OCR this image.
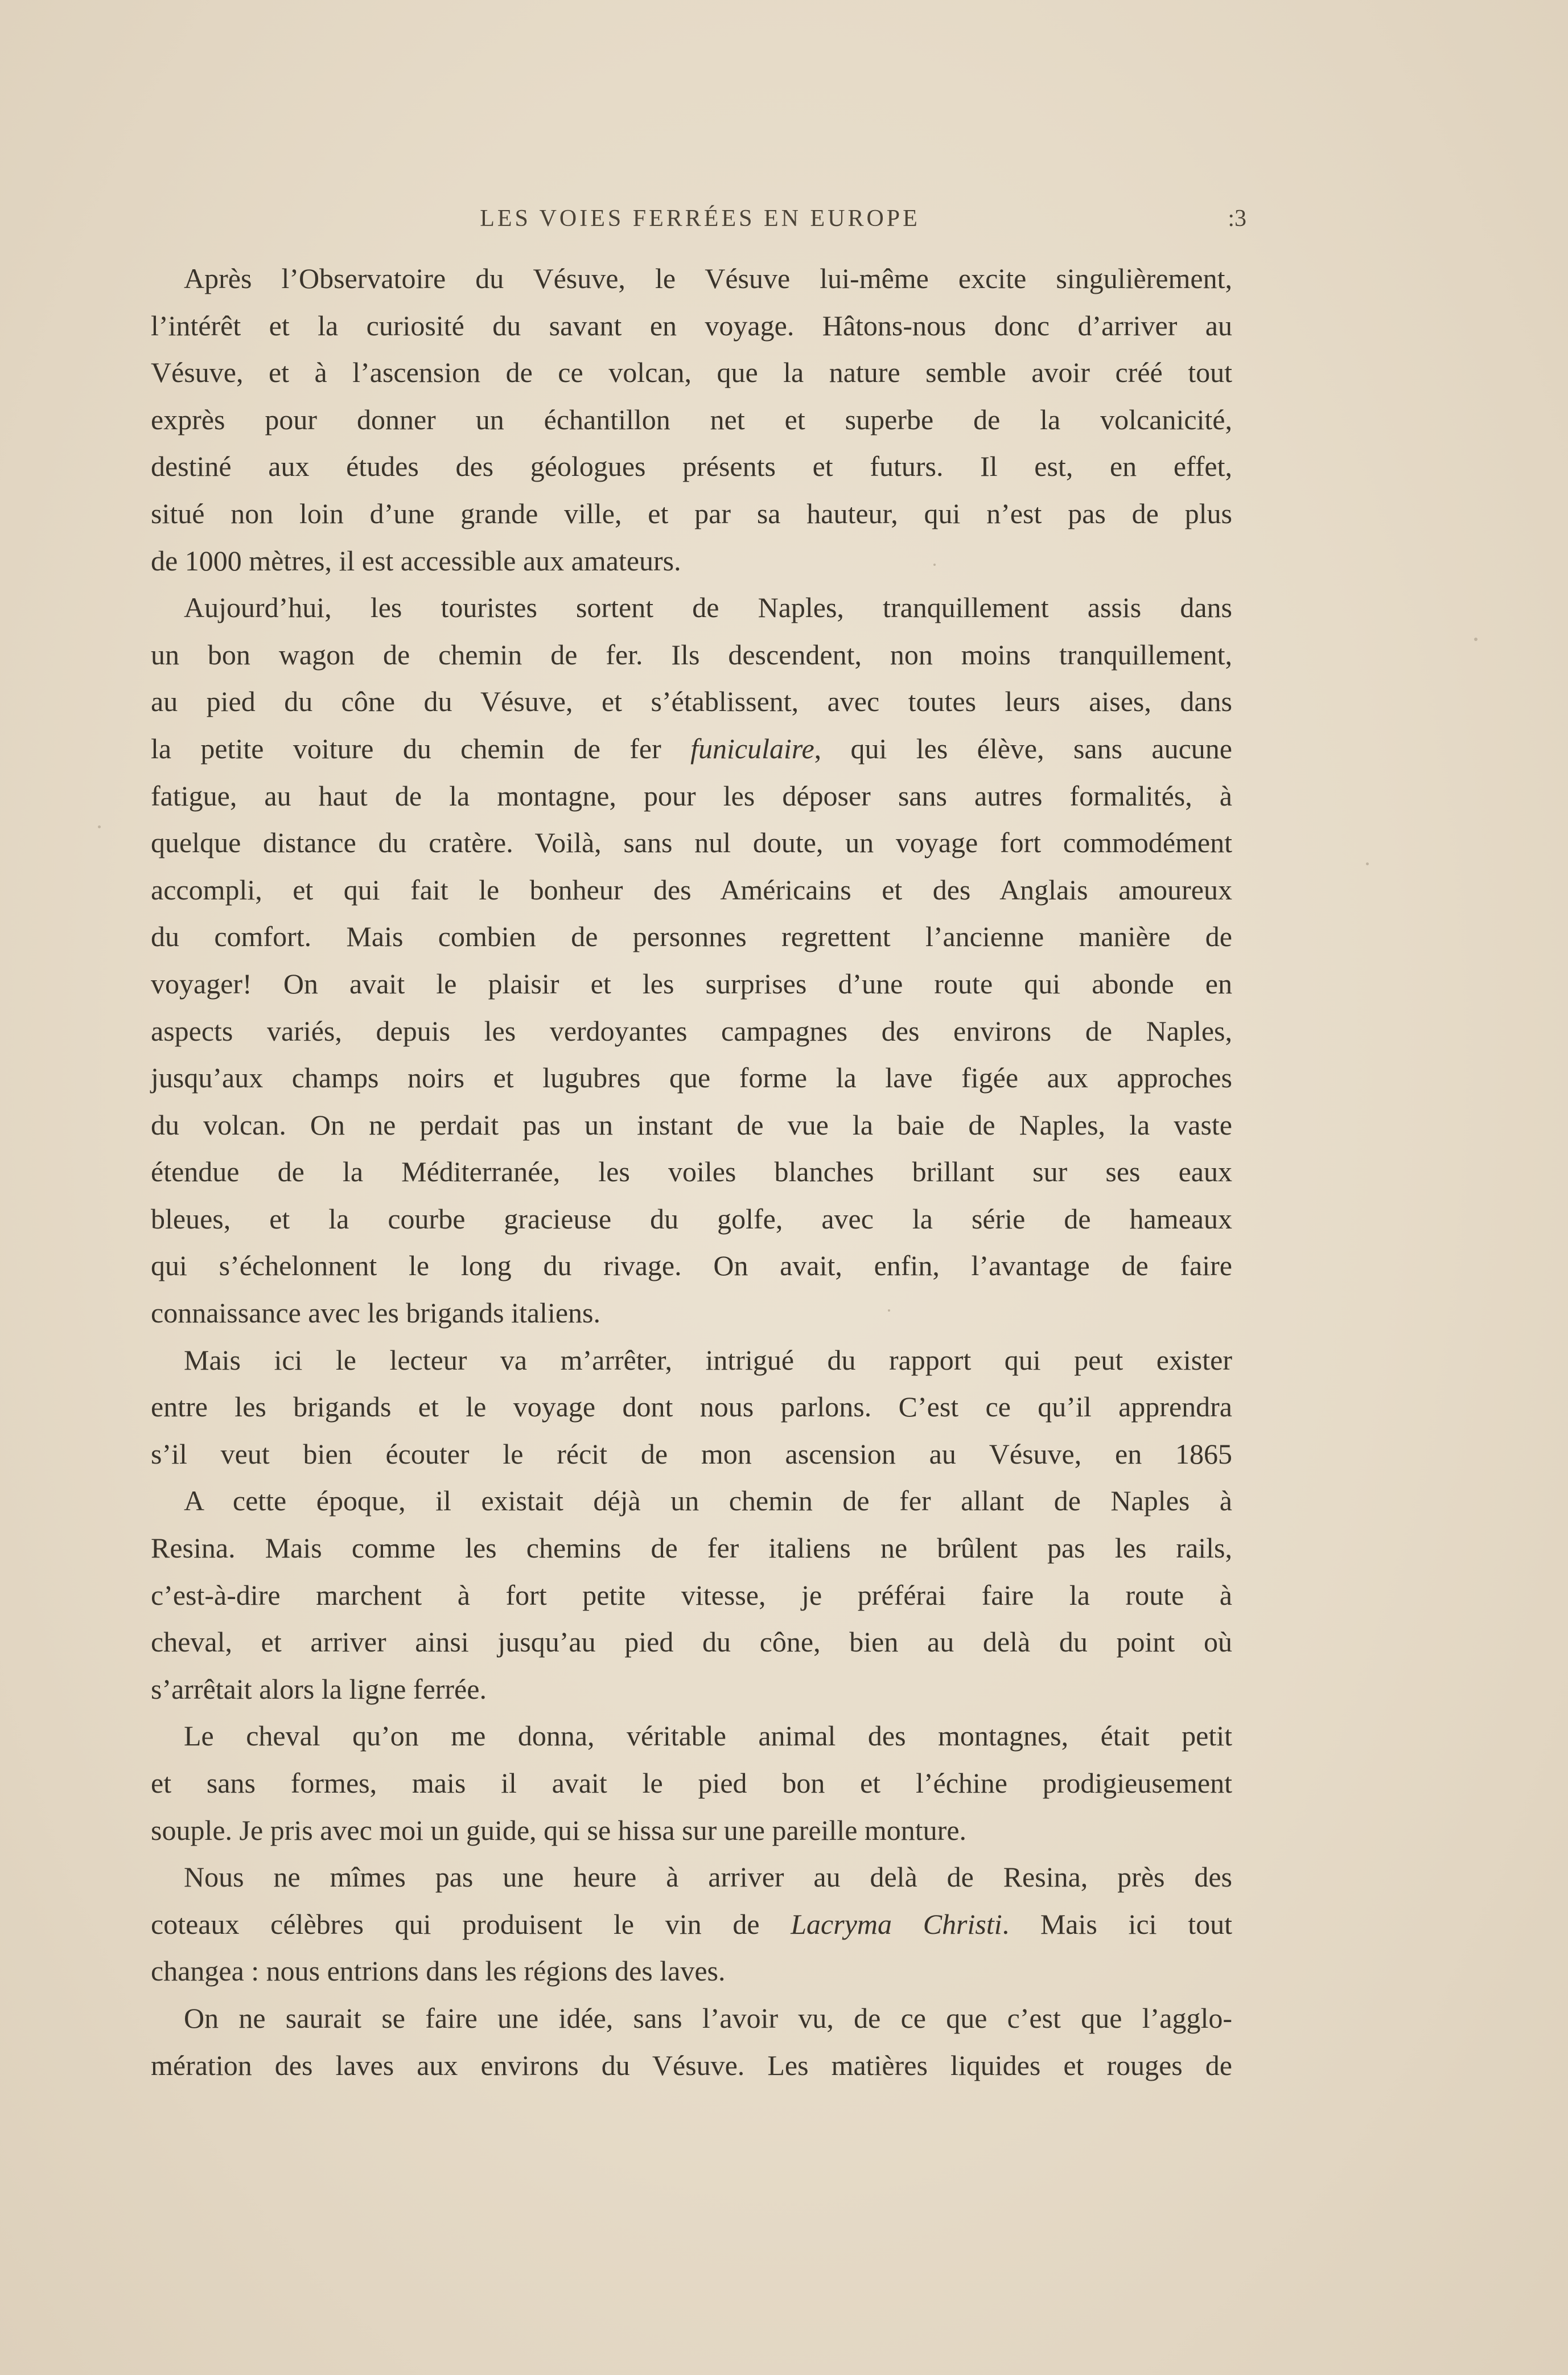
LES VOIES FERRÉES EN EUROPE	:3
Après l’Observatoire du Vésuve, le Vésuve lui-même excite singulièrement,
l’intérêt et la curiosité du savant en voyage. Hâtons-nous donc d’arriver au
Vésuve, et à l’ascension de ce volcan, que la nature semble avoir créé tout
exprès pour donner un échantillon net et superbe de la volcanicité,
destiné aux études des géologues présents et futurs. Il est, en effet,
situé non loin d’une grande ville, et par sa hauteur, qui n’est pas de plus
de 1000 mètres, il est accessible aux amateurs.
Aujourd’hui, les touristes sortent de Naples, tranquillement assis dans
un bon wagon de chemin de fer. Ils descendent, non moins tranquillement,
au pied du cône du Vésuve, et s’établissent, avec toutes leurs aises, dans
la petite voiture du chemin de fer funiculaire, qui les élève, sans aucune
fatigue, au haut de la montagne, pour les déposer sans autres formalités, à
quelque distance du cratère. Voilà, sans nul doute, un voyage fort commodément
accompli, et qui fait le bonheur des Américains et des Anglais amoureux
du comfort. Mais combien de personnes regrettent l’ancienne manière de
voyager! On avait le plaisir et les surprises d’une route qui abonde en
aspects variés, depuis les verdoyantes campagnes des environs de Naples,
jusqu’aux champs noirs et lugubres que forme la lave figée aux approches
du volcan. On ne perdait pas un instant de vue la baie de Naples, la vaste
étendue de la Méditerranée, les voiles blanches brillant sur ses eaux
bleues, et la courbe gracieuse du golfe, avec la série de hameaux
qui s’échelonnent le long du rivage. On avait, enfin, l’avantage de faire
connaissance avec les brigands italiens.
Mais ici le lecteur va m’arrêter, intrigué du rapport qui peut exister
entre les brigands et le voyage dont nous parlons. C’est ce qu’il apprendra
s’il veut bien écouter le récit de mon ascension au Vésuve, en 1865
A cette époque, il existait déjà un chemin de fer allant de Naples à
Resina. Mais comme les chemins de fer italiens ne brûlent pas les rails,
c’est-à-dire marchent à fort petite vitesse, je préférai faire la route à
cheval, et arriver ainsi jusqu’au pied du cône, bien au delà du point où
s’arrêtait alors la ligne ferrée.
Le cheval qu’on me donna, véritable animal des montagnes, était petit
et sans formes, mais il avait le pied bon et l’échine prodigieusement
souple. Je pris avec moi un guide, qui se hissa sur une pareille monture.
Nous ne mîmes pas une heure à arriver au delà de Resina, près des
coteaux célèbres qui produisent le vin de Lacryma Christi. Mais ici tout
changea : nous entrions dans les régions des laves.
On ne saurait se faire une idée, sans l’avoir vu, de ce que c’est que l’agglo-
mération des laves aux environs du Vésuve. Les matières liquides et rouges de
